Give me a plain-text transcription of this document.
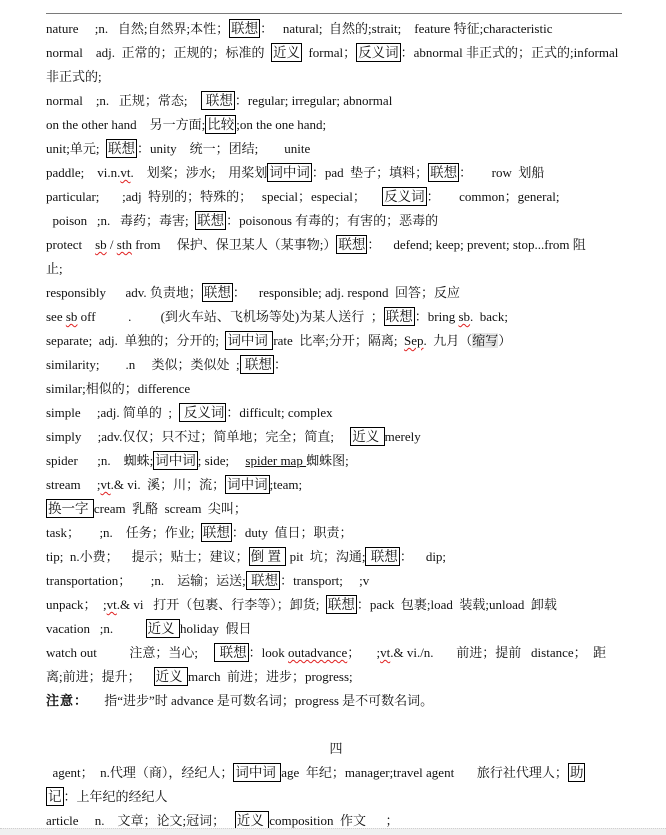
nature     ;n.   自然;自然界;本性； 联想 ：   natural;  自然的;strait;    feature 特征;characteristic
normal    adj.  正常的；正规的；标准的  近义  formal； 反义词 ：abnormal 非正式的；正式的;informal
非正式的;
normal    ;n.   正规；常态;     联想 ：regular; irregular; abnormal
on the other hand    另一方面; 比较 ;on the one hand;
unit;单元;  联想 ：unity    统一；团结;        unite
paddle;    vi.n.vt.    划桨；涉水;    用桨划 词中词 ：pad  垫子；填料； 联想 ：      row  划船
particular;       ;adj  特别的；特殊的；   special；especial；     反义词 ：      common；general;
poison   ;n.   毒药；毒害;  联想 ：poisonous 有毒的；有害的；恶毒的
protect    sb / sth from     保护、保卫某人（某事物;） 联想 ：    defend; keep; prevent; stop...from 阻
止;
responsibly      adv. 负责地； 联想 ：    responsible; adj. respond  回答；反应
see sb off          .         (到火车站、飞机场等处)为某人送行  ； 联想 ：bring sb.  back;
separate;  adj.  单独的；分开的;  词中词 rate  比率;分开；隔离;  Sep.  九月（缩写）
similarity;        .n     类似；类似处  ; 联想 ：
similar;相似的；difference
simple     ;adj. 简单的  ;   反义词 ：difficult; complex
simply     ;adv.仅仅；只不过；简单地；完全；简直;     近义 merely
spider      ;n.    蜘蛛; 词中词 ; side;     spider map 蜘蛛图;
stream     ;vt.& vi.  溪；川；流； 词中词 ;team;
换一字 cream  乳酪  scream  尖叫；
task；      ;n.    任务；作业;  联想 ：duty  值日；职责；
tip;  n.小费；    提示；贴士；建议； 倒 置  pit  坑；沟通; 联想 ：    dip;
transportation；      ;n.    运输；运送; 联想 ：transport;     ;v
unpack；  ;vt.& vi   打开（包裹、行李等）；卸货;  联想 ：pack  包裹;load  装载;unload  卸载
vacation   ;n.          近义 holiday  假日
watch out          注意；当心;      联想 ：look outadvance；     ;vt.& vi./n.       前进；提前   distance；  距
离;前进；提升；    近义 march  前进；进步；progress;
注意：     指“进步”时 advance 是可数名词；progress 是不可数名词。
四
agent；  n.代理（商），经纪人； 词中词 age  年纪；manager;travel agent       旅行社代理人； 助
记 ：上年纪的经纪人
article     n.    文章；论文;冠词；   近义 composition  作文      ；
